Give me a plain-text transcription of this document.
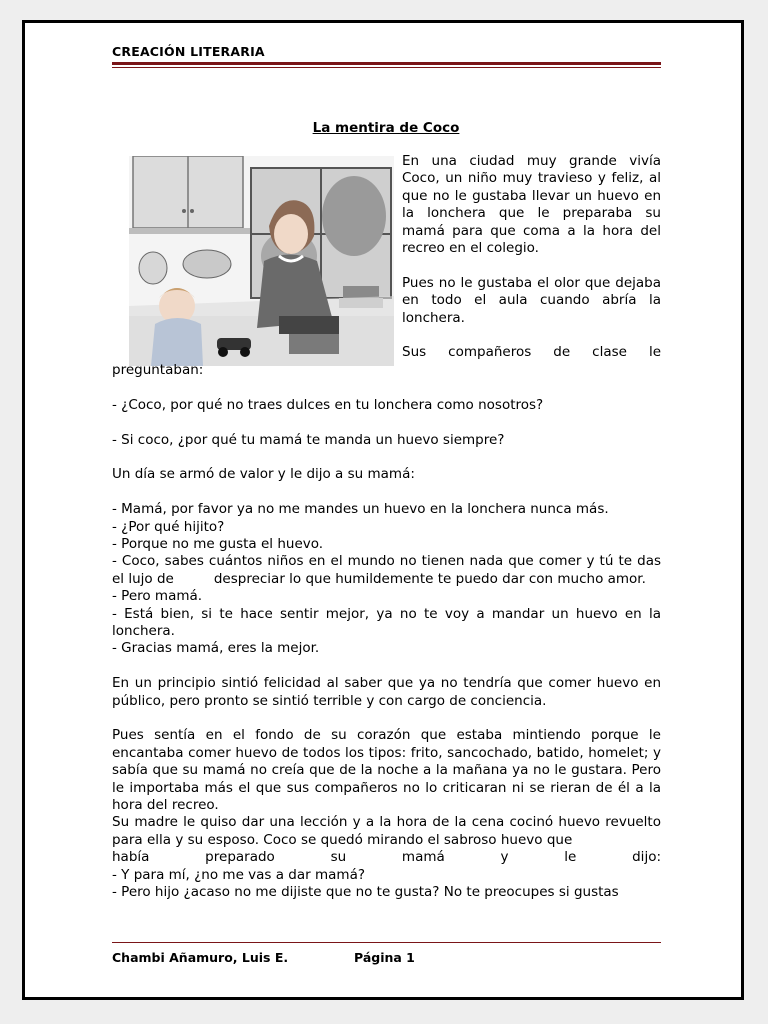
CREACIÓN LITERARIA
La mentira de Coco

En una ciudad muy grande vivía Coco, un niño muy travieso y feliz, al que no le gustaba llevar un huevo en la lonchera que le preparaba su mamá para que coma a la hora del recreo en el colegio.

Pues no le gustaba el olor que dejaba en todo el aula cuando abría la lonchera.

Sus compañeros de clase le

preguntaban:

- ¿Coco, por qué no traes dulces en tu lonchera como nosotros?

- Si coco, ¿por qué tu mamá te manda un huevo siempre?

Un día se armó de valor y le dijo a su mamá:

- Mamá, por favor ya no me mandes un huevo en la lonchera nunca más.

- ¿Por qué hijito?

- Porque no me gusta el huevo.

- Coco, sabes cuántos niños en el mundo no tienen nada que comer y tú te das el lujo de	despreciar lo que humildemente te puedo dar con mucho amor.

- Pero mamá.

- Está bien, si te hace sentir mejor, ya no te voy a mandar un huevo en la lonchera.

- Gracias mamá, eres la mejor.

En un principio sintió felicidad al saber que ya no tendría que comer huevo en público, pero pronto se sintió terrible y con cargo de conciencia.

Pues sentía en el fondo de su corazón que estaba mintiendo porque le encantaba comer huevo de todos los tipos: frito, sancochado, batido, homelet; y sabía que su mamá no creía que de la noche a la mañana ya no le gustara. Pero le importaba más el que sus compañeros no lo criticaran ni se rieran de él a la hora del recreo.

Su madre le quiso dar una lección y a la hora de la cena cocinó huevo revuelto para ella y su esposo. Coco se quedó mirando el sabroso huevo que

había preparado su mamá y le dijo:

- Y para mí, ¿no me vas a dar mamá?

- Pero hijo ¿acaso no me dijiste que no te gusta? No te preocupes si gustas

Chambi Añamuro, Luis E.	Página 1
